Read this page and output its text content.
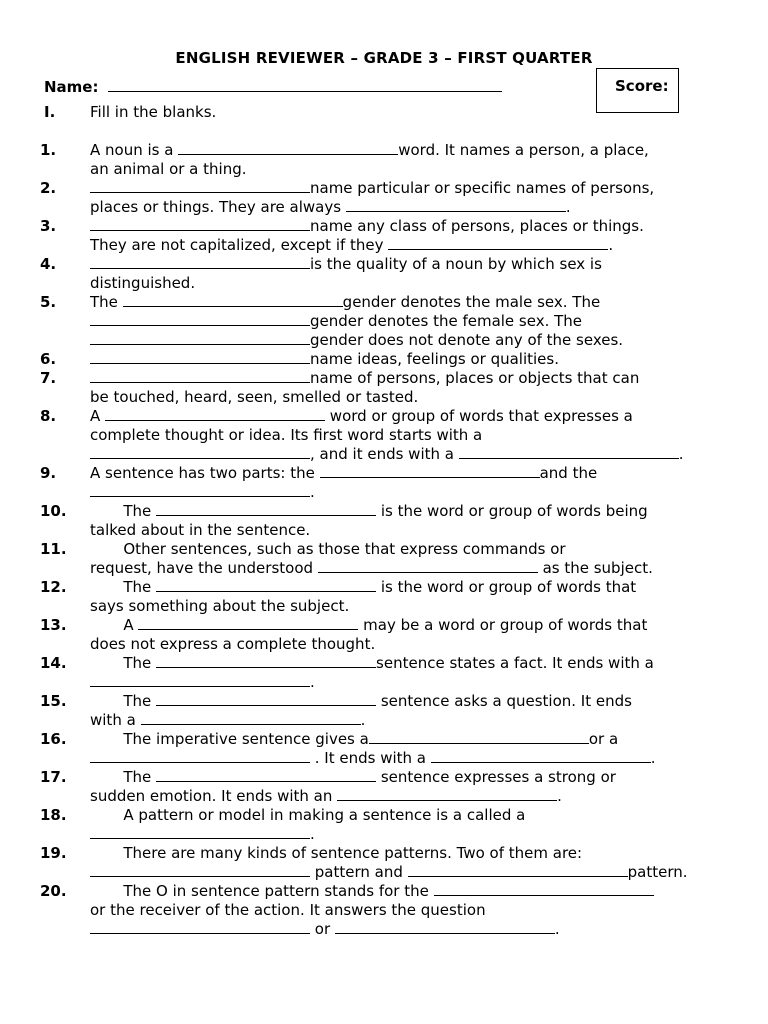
ENGLISH REVIEWER – GRADE 3 – FIRST QUARTER
Name:	Score:
I. Fill in the blanks.
1. A noun is a	word. It names a person, a place,
an animal or a thing.
2.	name particular or specific names of persons,
places or things. They are always	.
3.	name any class of persons, places or things.
They are not capitalized, except if they	.
4.	is the quality of a noun by which sex is
distinguished.
5. The	gender denotes the male sex. The
gender denotes the female sex. The
gender does not denote any of the sexes.
6.	name ideas, feelings or qualities.
7.	name of persons, places or objects that can
be touched, heard, seen, smelled or tasted.
8. A	word or group of words that expresses a
complete thought or idea. Its first word starts with a
, and it ends with a	.
9. A sentence has two parts: the	and the
.
10. The	is the word or group of words being
talked about in the sentence.
11. Other sentences, such as those that express commands or
request, have the understood	as the subject.
12. The	is the word or group of words that
says something about the subject.
13. A	may be a word or group of words that
does not express a complete thought.
14. The	sentence states a fact. It ends with a
.
15. The	sentence asks a question. It ends
with a	.
16. The imperative sentence gives a	or a
. It ends with a	.
17. The	sentence expresses a strong or
sudden emotion. It ends with an	.
18. A pattern or model in making a sentence is a called a
.
19. There are many kinds of sentence patterns. Two of them are:
pattern and	pattern.
20. The O in sentence pattern stands for the
or the receiver of the action. It answers the question
or	.
